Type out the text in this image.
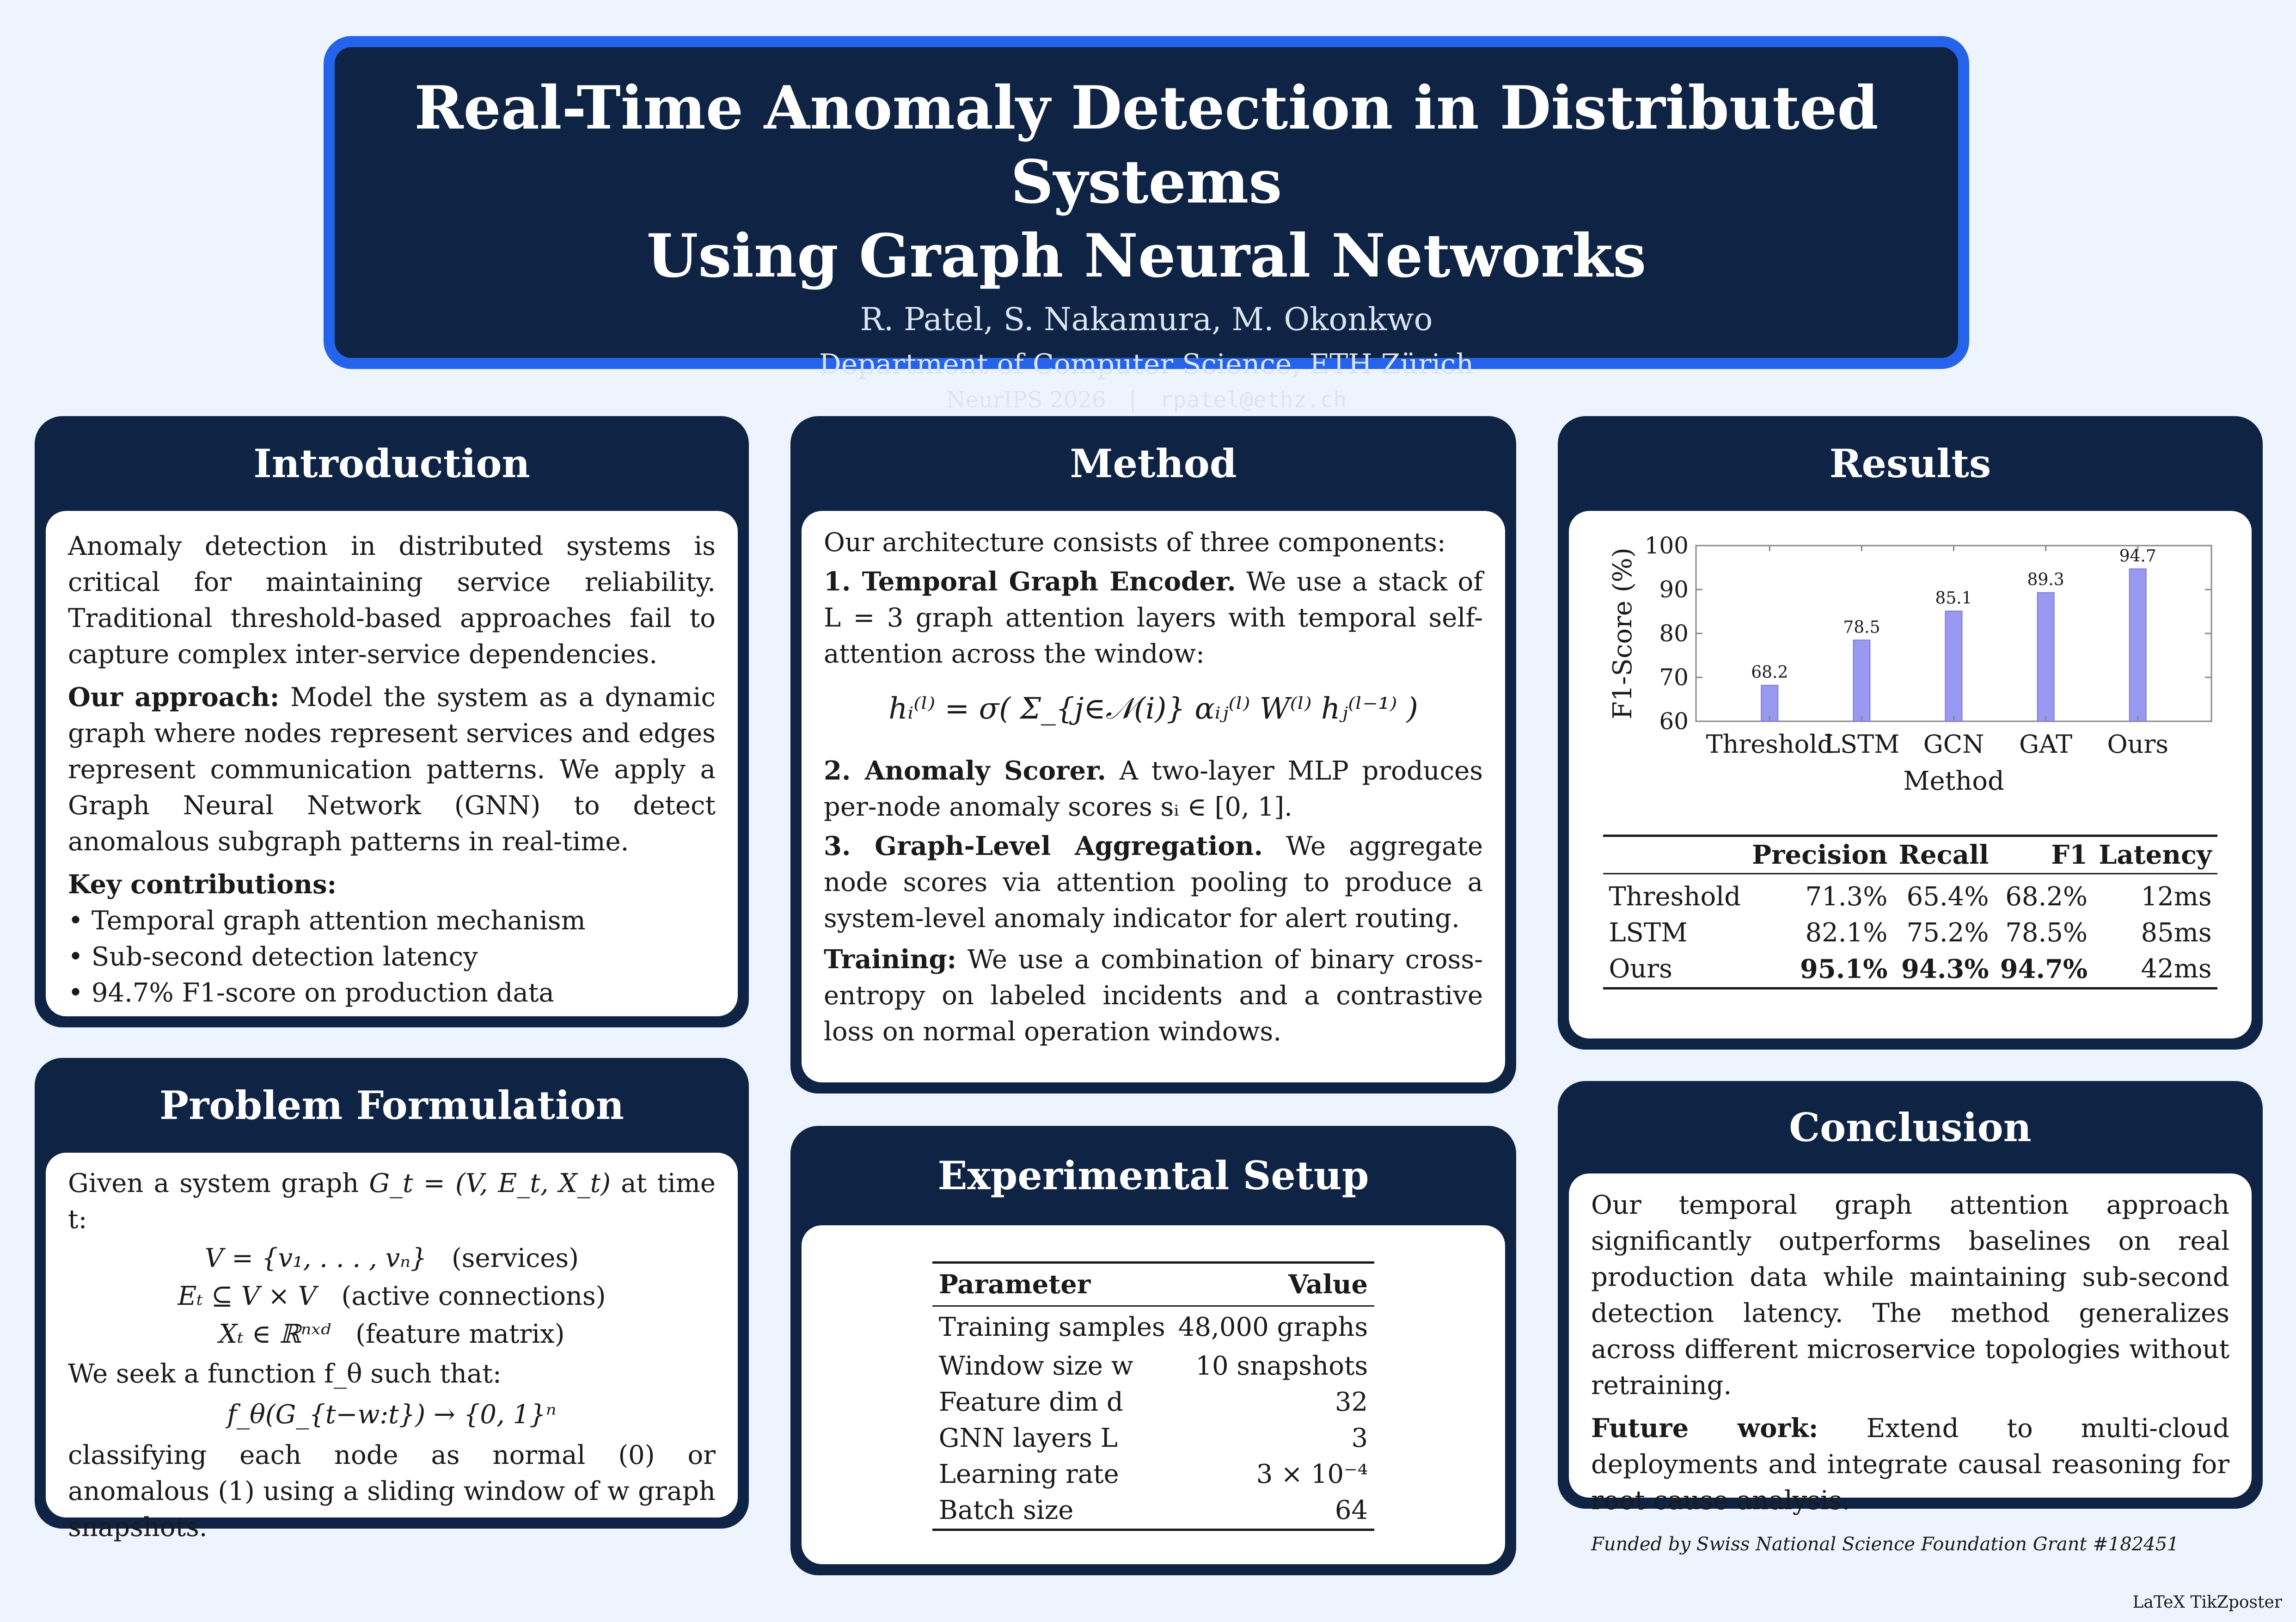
Real-Time Anomaly Detection in Distributed Systems
Using Graph Neural Networks
R. Patel, S. Nakamura, M. Okonkwo
Department of Computer Science, ETH Zürich
NeurIPS 2026 | rpatel@ethz.ch
Introduction

Anomaly detection in distributed systems is critical for maintaining service reliability. Traditional threshold-based approaches fail to capture complex inter-service dependencies.

Our approach: Model the system as a dynamic graph where nodes represent services and edges represent communication patterns. We apply a Graph Neural Network (GNN) to detect anomalous subgraph patterns in real-time.

Key contributions:
• Temporal graph attention mechanism
• Sub-second detection latency
• 94.7% F1-score on production data
Problem Formulation

Given a system graph G_t = (V, E_t, X_t) at time t:

V = {v₁, . . . , vₙ} (services)
Eₜ ⊆ V × V (active connections)
Xₜ ∈ ℝⁿˣᵈ (feature matrix)

We seek a function f_θ such that:

f_θ(G_{t−w:t}) → {0, 1}ⁿ

classifying each node as normal (0) or anomalous (1) using a sliding window of w graph snapshots.

Method

Our architecture consists of three components:

1. Temporal Graph Encoder. We use a stack of L = 3 graph attention layers with temporal self-attention across the window:

hᵢ⁽ˡ⁾ = σ( Σ_{j∈𝒩(i)} αᵢⱼ⁽ˡ⁾ W⁽ˡ⁾ hⱼ⁽ˡ⁻¹⁾ )

2. Anomaly Scorer. A two-layer MLP produces per-node anomaly scores sᵢ ∈ [0, 1].

3. Graph-Level Aggregation. We aggregate node scores via attention pooling to produce a system-level anomaly indicator for alert routing.

Training: We use a combination of binary cross-entropy on labeled incidents and a contrastive loss on normal operation windows.

Experimental Setup
Parameter	Value
Training samples	48,000 graphs
Window size w	10 snapshots
Feature dim d	32
GNN layers L	3
Learning rate	3 × 10⁻⁴
Batch size	64
Results
60
70
80
90
100
68.2
Threshold
78.5
LSTM
85.1
GCN
89.3
GAT
94.7
Ours
Method
F1-Score (%)
	Precision	Recall	F1	Latency
Threshold	71.3%	65.4%	68.2%	12ms
LSTM	82.1%	75.2%	78.5%	85ms
Ours	95.1%	94.3%	94.7%	42ms
Conclusion

Our temporal graph attention approach significantly outperforms baselines on real production data while maintaining sub-second detection latency. The method generalizes across different microservice topologies without retraining.

Future work: Extend to multi-cloud deployments and integrate causal reasoning for root cause analysis.

Funded by Swiss National Science Foundation Grant #182451
LaTeX TikZposter
